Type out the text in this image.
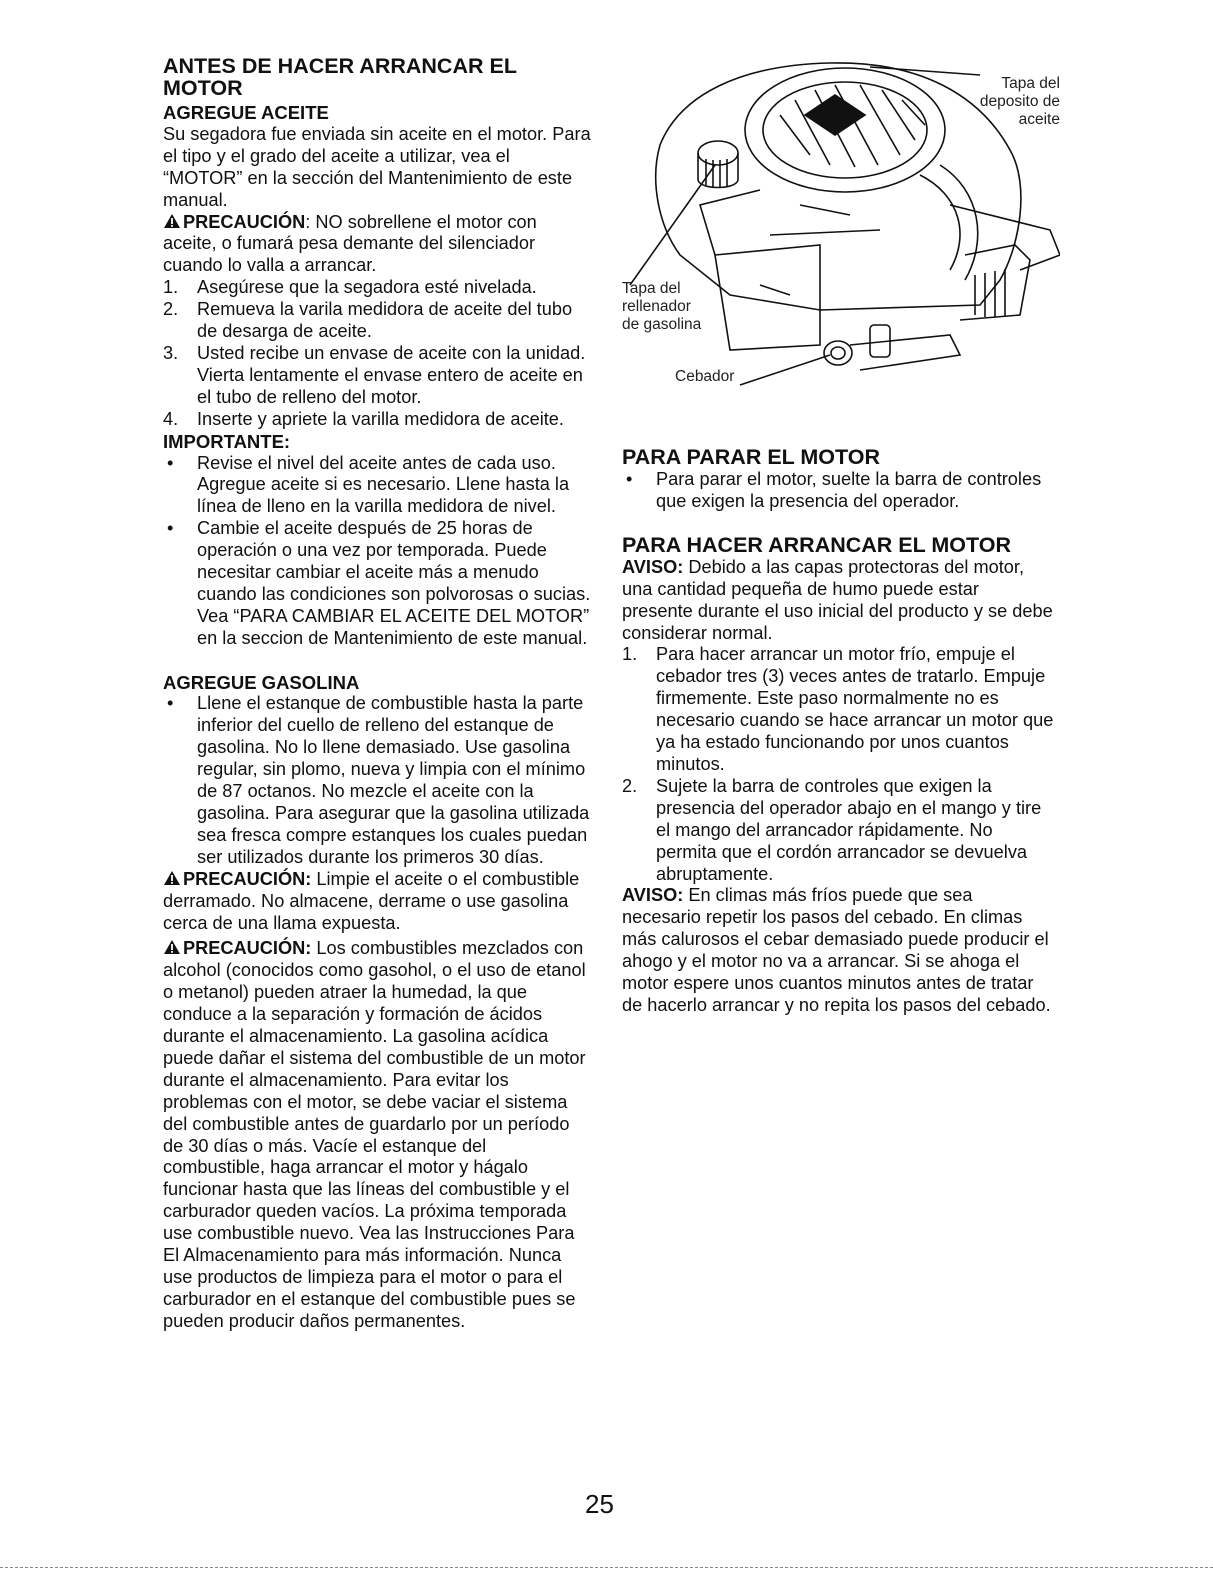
ANTES DE HACER ARRANCAR EL MOTOR

AGREGUE ACEITE

Su segadora fue enviada sin aceite en el motor. Para el tipo y el grado del aceite a utilizar, vea el “MOTOR” en la sección del Mantenimiento de este manual.

PRECAUCIÓN: NO sobrellene el motor con aceite, o fumará pesa demante del silenciador cuando lo valla a arrancar.

1. Asegúrese que la segadora esté nivelada.
2. Remueva la varila medidora de aceite del tubo de desarga de aceite.
3. Usted recibe un envase de aceite con la unidad. Vierta lentamente el envase entero de aceite en el tubo de relleno del motor.
4. Inserte y apriete la varilla medidora de aceite.

IMPORTANTE:

• Revise el nivel del aceite antes de cada uso. Agregue aceite si es necesario. Llene hasta la línea de lleno en la varilla medidora de nivel.
• Cambie el aceite después de 25 horas de operación o una vez por temporada. Puede necesitar cambiar el aceite más a menudo cuando las condiciones son polvorosas o sucias. Vea “PARA CAMBIAR EL ACEITE DEL MOTOR” en la seccion de Mantenimiento de este manual.

AGREGUE GASOLINA

• Llene el estanque de combustible hasta la parte inferior del cuello de relleno del estanque de gasolina. No lo llene demasiado. Use gasolina regular, sin plomo, nueva y limpia con el mínimo de 87 octanos. No mezcle el aceite con la gasolina. Para asegurar que la gasolina utilizada sea fresca compre estanques los cuales puedan ser utilizados durante los primeros 30 días.

PRECAUCIÓN: Limpie el aceite o el combustible derramado. No almacene, derrame o use gasolina cerca de una llama expuesta.

PRECAUCIÓN: Los combustibles mezclados con alcohol (conocidos como gasohol, o el uso de etanol o metanol) pueden atraer la humedad, la que conduce a la separación y formación de ácidos durante el almacenamiento. La gasolina acídica puede dañar el sistema del combustible de un motor durante el almacenamiento. Para evitar los problemas con el motor, se debe vaciar el sistema del combustible antes de guardarlo por un período de 30 días o más. Vacíe el estanque del combustible, haga arrancar el motor y hágalo funcionar hasta que las líneas del combustible y el carburador queden vacíos. La próxima temporada use combustible nuevo. Vea las Instrucciones Para El Almacenamiento para más información. Nunca use productos de limpieza para el motor o para el carburador en el estanque del combustible pues se pueden producir daños permanentes.

Tapa del deposito de aceite
Tapa del rellenador de gasolina
Cebador

PARA PARAR EL MOTOR

• Para parar el motor, suelte la barra de controles que exigen la presencia del operador.

PARA HACER ARRANCAR EL MOTOR

AVISO: Debido a las capas protectoras del motor, una cantidad pequeña de humo puede estar presente durante el uso inicial del producto y se debe considerar normal.

1. Para hacer arrancar un motor frío, empuje el cebador tres (3) veces antes de tratarlo. Empuje firmemente. Este paso normalmente no es necesario cuando se hace arrancar un motor que ya ha estado funcionando por unos cuantos minutos.
2. Sujete la barra de controles que exigen la presencia del operador abajo en el mango y tire el mango del arrancador rápidamente. No permita que el cordón arrancador se devuelva abruptamente.

AVISO: En climas más fríos puede que sea necesario repetir los pasos del cebado. En climas más calurosos el cebar demasiado puede producir el ahogo y el motor no va a arrancar. Si se ahoga el motor espere unos cuantos minutos antes de tratar de hacerlo arrancar y no repita los pasos del cebado.

25
